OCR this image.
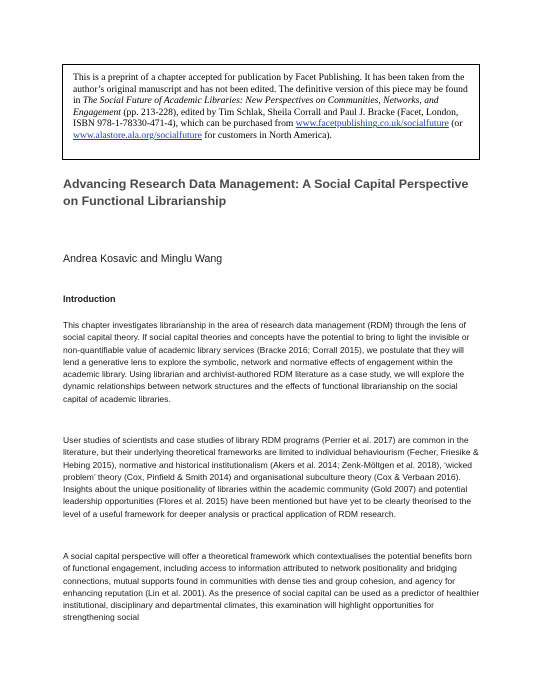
This is a preprint of a chapter accepted for publication by Facet Publishing. It has been taken from the author’s original manuscript and has not been edited. The definitive version of this piece may be found in The Social Future of Academic Libraries: New Perspectives on Communities, Networks, and Engagement (pp. 213-228), edited by Tim Schlak, Sheila Corrall and Paul J. Bracke (Facet, London, ISBN 978-1-78330-471-4), which can be purchased from www.facetpublishing.co.uk/socialfuture (or www.alastore.ala.org/socialfuture for customers in North America).
Advancing Research Data Management: A Social Capital Perspective on Functional Librarianship
Andrea Kosavic and Minglu Wang
Introduction

This chapter investigates librarianship in the area of research data management (RDM) through the lens of social capital theory. If social capital theories and concepts have the potential to bring to light the invisible or non-quantifiable value of academic library services (Bracke 2016; Corrall 2015), we postulate that they will lend a generative lens to explore the symbolic, network and normative effects of engagement within the academic library. Using librarian and archivist-authored RDM literature as a case study, we will explore the dynamic relationships between network structures and the effects of functional librarianship on the social capital of academic libraries.

User studies of scientists and case studies of library RDM programs (Perrier et al. 2017) are common in the literature, but their underlying theoretical frameworks are limited to individual behaviourism (Fecher, Friesike & Hebing 2015), normative and historical institutionalism (Akers et al. 2014; Zenk-Möltgen et al. 2018), ‘wicked problem’ theory (Cox, Pinfield & Smith 2014) and organisational subculture theory (Cox & Verbaan 2016). Insights about the unique positionality of libraries within the academic community (Gold 2007) and potential leadership opportunities (Flores et al. 2015) have been mentioned but have yet to be clearly theorised to the level of a useful framework for deeper analysis or practical application of RDM research.

A social capital perspective will offer a theoretical framework which contextualises the potential benefits born of functional engagement, including access to information attributed to network positionality and bridging connections, mutual supports found in communities with dense ties and group cohesion, and agency for enhancing reputation (Lin et al. 2001). As the presence of social capital can be used as a predictor of healthier institutional, disciplinary and departmental climates, this examination will highlight opportunities for strengthening social
